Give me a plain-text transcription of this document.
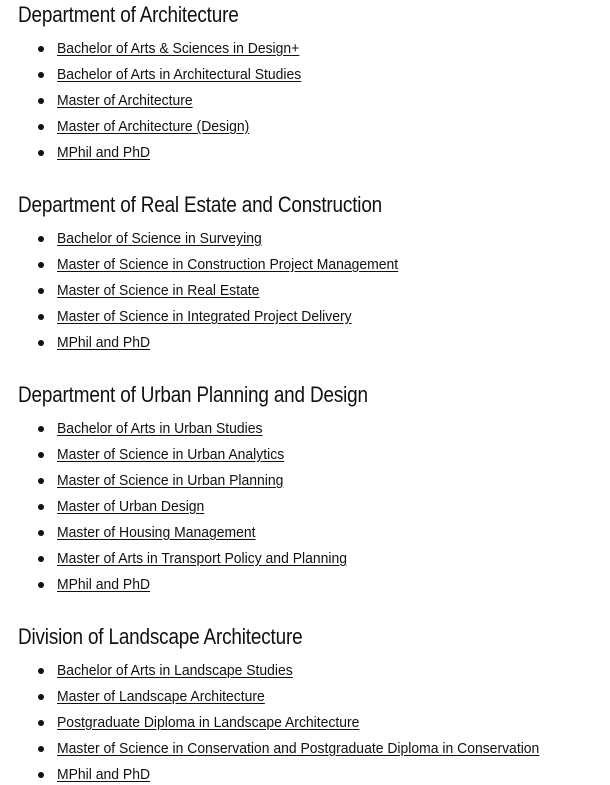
Department of Architecture
Bachelor of Arts & Sciences in Design+
Bachelor of Arts in Architectural Studies
Master of Architecture
Master of Architecture (Design)
MPhil and PhD
Department of Real Estate and Construction
Bachelor of Science in Surveying
Master of Science in Construction Project Management
Master of Science in Real Estate
Master of Science in Integrated Project Delivery
MPhil and PhD
Department of Urban Planning and Design
Bachelor of Arts in Urban Studies
Master of Science in Urban Analytics
Master of Science in Urban Planning
Master of Urban Design
Master of Housing Management
Master of Arts in Transport Policy and Planning
MPhil and PhD
Division of Landscape Architecture
Bachelor of Arts in Landscape Studies
Master of Landscape Architecture
Postgraduate Diploma in Landscape Architecture
Master of Science in Conservation and Postgraduate Diploma in Conservation
MPhil and PhD
